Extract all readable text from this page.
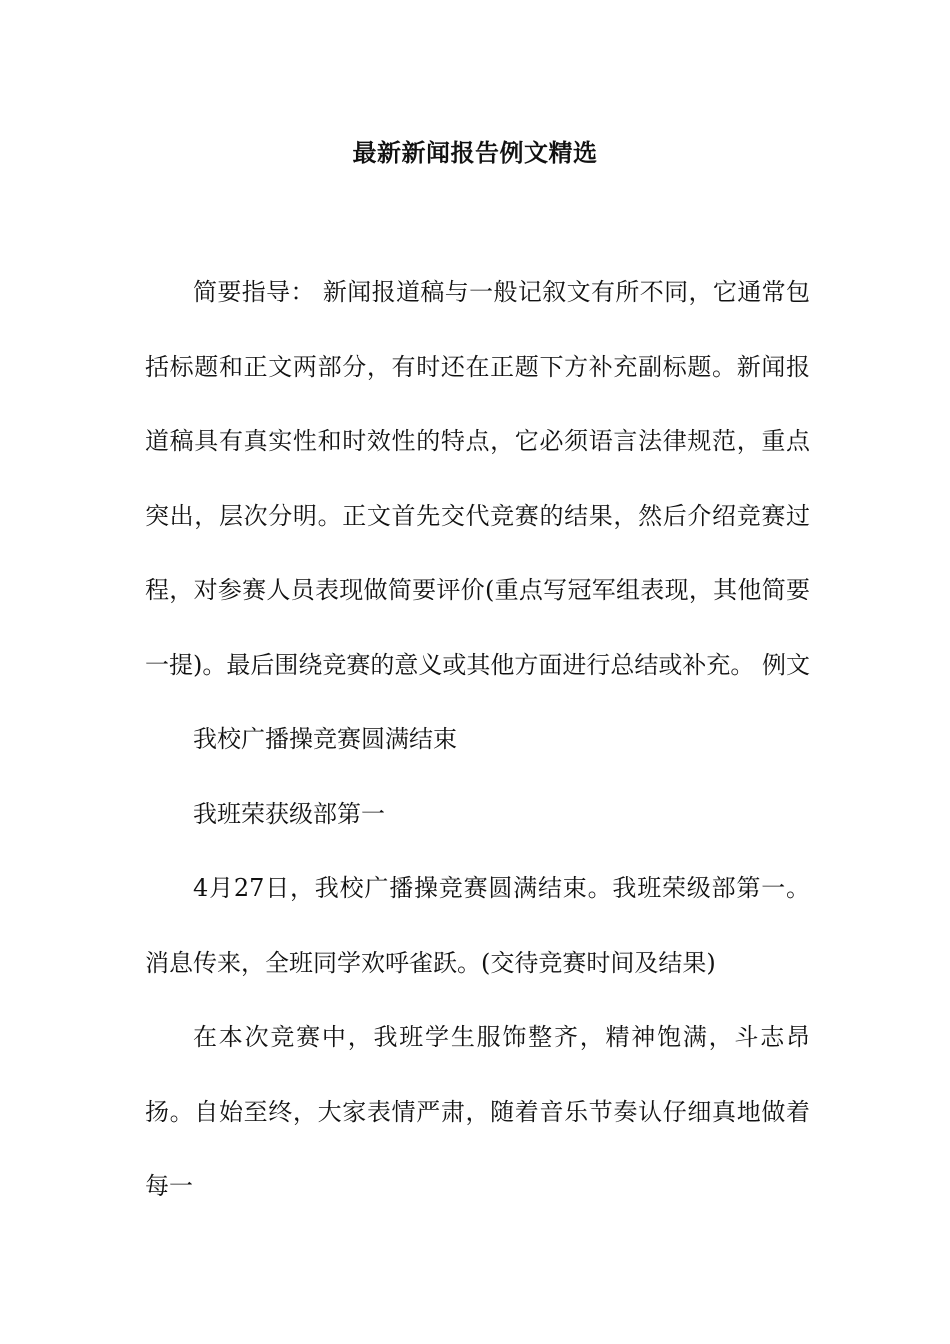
最新新闻报告例文精选

简要指导： 新闻报道稿与一般记叙文有所不同，它通常包括标题和正文两部分，有时还在正题下方补充副标题。新闻报道稿具有真实性和时效性的特点，它必须语言法律规范，重点突出，层次分明。正文首先交代竞赛的结果，然后介绍竞赛过程，对参赛人员表现做简要评价(重点写冠军组表现，其他简要一提)。最后围绕竞赛的意义或其他方面进行总结或补充。 例文

我校广播操竞赛圆满结束

我班荣获级部第一

4月27日，我校广播操竞赛圆满结束。我班荣级部第一。消息传来，全班同学欢呼雀跃。(交待竞赛时间及结果)

在本次竞赛中，我班学生服饰整齐，精神饱满，斗志昂扬。自始至终，大家表情严肃，随着音乐节奏认仔细真地做着每一
